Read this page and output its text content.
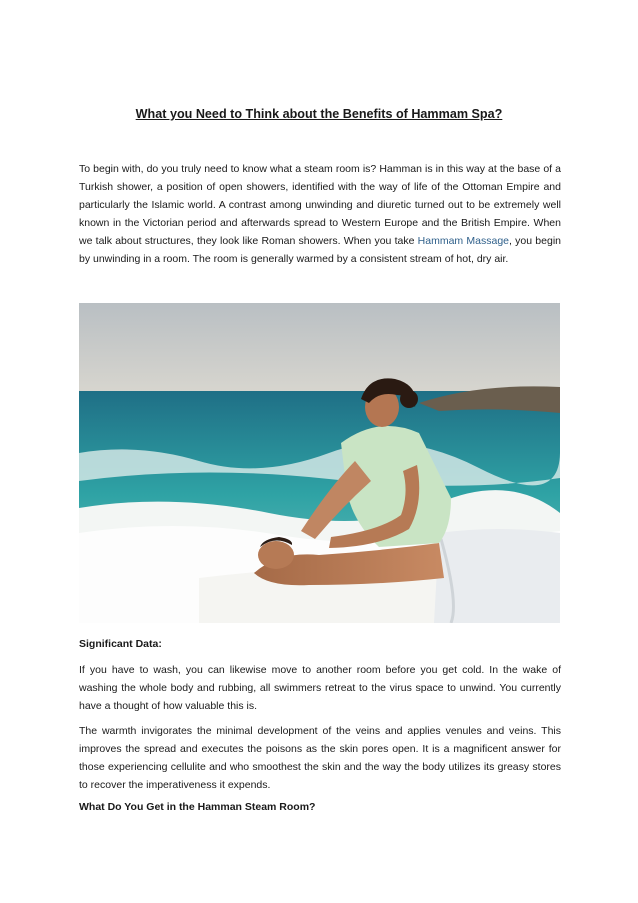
What you Need to Think about the Benefits of Hammam Spa?

To begin with, do you truly need to know what a steam room is? Hamman is in this way at the base of a Turkish shower, a position of open showers, identified with the way of life of the Ottoman Empire and particularly the Islamic world. A contrast among unwinding and diuretic turned out to be extremely well known in the Victorian period and afterwards spread to Western Europe and the British Empire. When we talk about structures, they look like Roman showers. When you take Hammam Massage, you begin by unwinding in a room. The room is generally warmed by a consistent stream of hot, dry air.

Significant Data:

If you have to wash, you can likewise move to another room before you get cold. In the wake of washing the whole body and rubbing, all swimmers retreat to the virus space to unwind. You currently have a thought of how valuable this is.

The warmth invigorates the minimal development of the veins and applies venules and veins. This improves the spread and executes the poisons as the skin pores open. It is a magnificent answer for those experiencing cellulite and who smoothest the skin and the way the body utilizes its greasy stores to recover the imperativeness it expends.

What Do You Get in the Hamman Steam Room?
